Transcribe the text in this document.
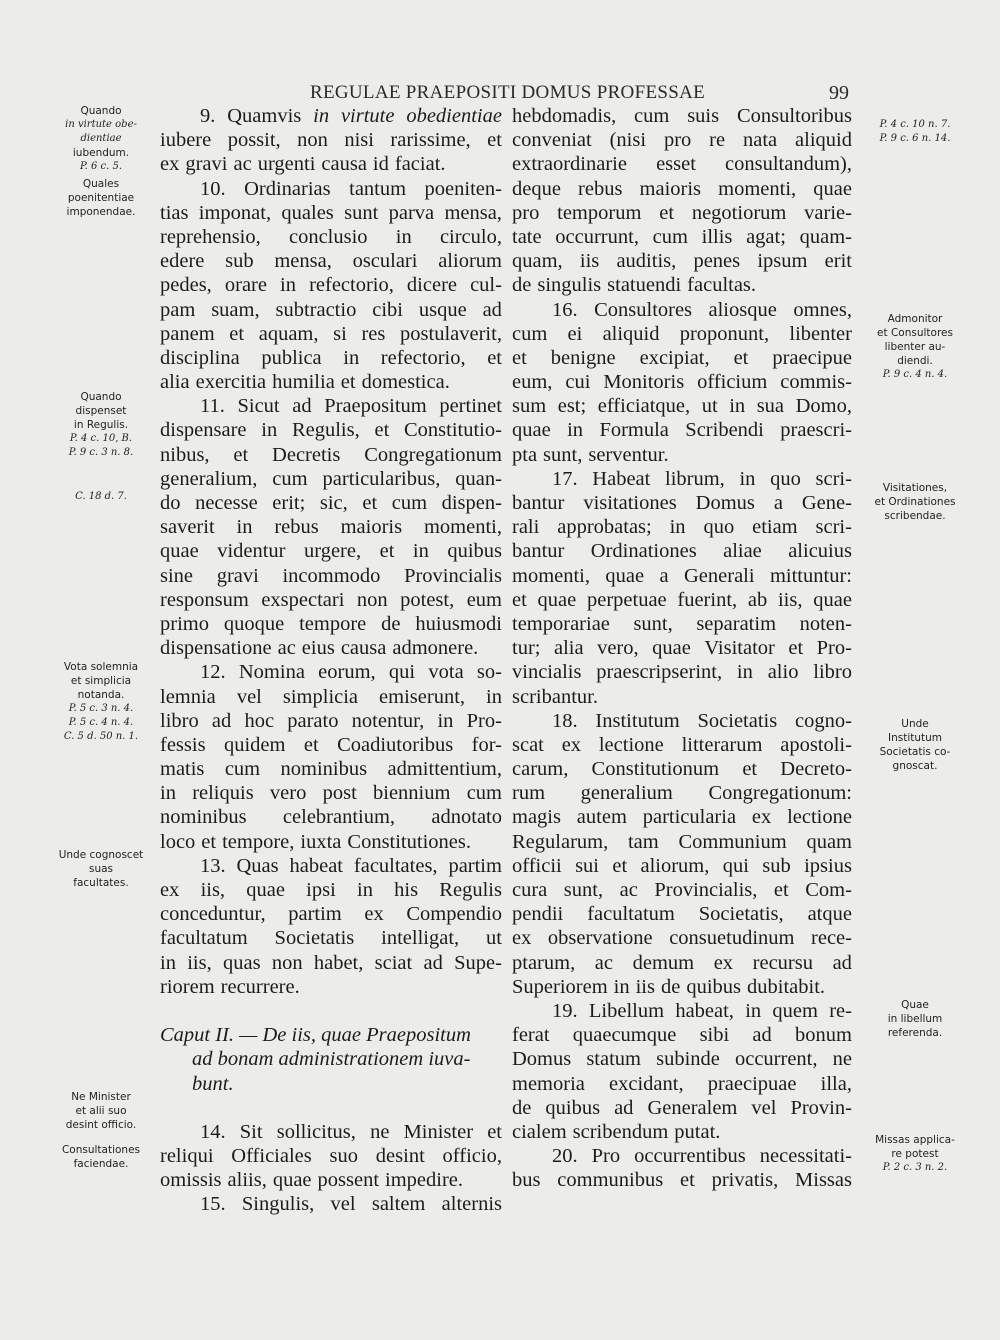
REGULAE PRAEPOSITI DOMUS PROFESSAE	99
9. Quamvis in virtute obedientiae
iubere possit, non nisi rarissime, et
ex gravi ac urgenti causa id faciat.
10. Ordinarias tantum poeniten-
tias imponat, quales sunt parva mensa,
reprehensio, conclusio in circulo,
edere sub mensa, osculari aliorum
pedes, orare in refectorio, dicere cul-
pam suam, subtractio cibi usque ad
panem et aquam, si res postulaverit,
disciplina publica in refectorio, et
alia exercitia humilia et domestica.
11. Sicut ad Praepositum pertinet
dispensare in Regulis, et Constitutio-
nibus, et Decretis Congregationum
generalium, cum particularibus, quan-
do necesse erit; sic, et cum dispen-
saverit in rebus maioris momenti,
quae videntur urgere, et in quibus
sine gravi incommodo Provincialis
responsum exspectari non potest, eum
primo quoque tempore de huiusmodi
dispensatione ac eius causa admonere.
12. Nomina eorum, qui vota so-
lemnia vel simplicia emiserunt, in
libro ad hoc parato notentur, in Pro-
fessis quidem et Coadiutoribus for-
matis cum nominibus admittentium,
in reliquis vero post biennium cum
nominibus celebrantium, adnotato
loco et tempore, iuxta Constitutiones.
13. Quas habeat facultates, partim
ex iis, quae ipsi in his Regulis
conceduntur, partim ex Compendio
facultatum Societatis intelligat, ut
in iis, quas non habet, sciat ad Supe-
riorem recurrere.
Caput II. — De iis, quae Praepositum
ad bonam administrationem iuva-
bunt.
14. Sit sollicitus, ne Minister et
reliqui Officiales suo desint officio,
omissis aliis, quae possent impedire.
15. Singulis, vel saltem alternis
hebdomadis, cum suis Consultoribus
conveniat (nisi pro re nata aliquid
extraordinarie esset consultandum),
deque rebus maioris momenti, quae
pro temporum et negotiorum varie-
tate occurrunt, cum illis agat; quam-
quam, iis auditis, penes ipsum erit
de singulis statuendi facultas.
16. Consultores aliosque omnes,
cum ei aliquid proponunt, libenter
et benigne excipiat, et praecipue
eum, cui Monitoris officium commis-
sum est; efficiatque, ut in sua Domo,
quae in Formula Scribendi praescri-
pta sunt, serventur.
17. Habeat librum, in quo scri-
bantur visitationes Domus a Gene-
rali approbatas; in quo etiam scri-
bantur Ordinationes aliae alicuius
momenti, quae a Generali mittuntur:
et quae perpetuae fuerint, ab iis, quae
temporariae sunt, separatim noten-
tur; alia vero, quae Visitator et Pro-
vincialis praescripserint, in alio libro
scribantur.
18. Institutum Societatis cogno-
scat ex lectione litterarum apostoli-
carum, Constitutionum et Decreto-
rum generalium Congregationum:
magis autem particularia ex lectione
Regularum, tam Communium quam
officii sui et aliorum, qui sub ipsius
cura sunt, ac Provincialis, et Com-
pendii facultatum Societatis, atque
ex observatione consuetudinum rece-
ptarum, ac demum ex recursu ad
Superiorem in iis de quibus dubitabit.
19. Libellum habeat, in quem re-
ferat quaecumque sibi ad bonum
Domus statum subinde occurrent, ne
memoria excidant, praecipuae illa,
de quibus ad Generalem vel Provin-
cialem scribendum putat.
20. Pro occurrentibus necessitati-
bus communibus et privatis, Missas
Quando
in virtute obe-
dientiae
iubendum.
P. 6 c. 5.
Quales
poenitentiae
imponendae.
Quando
dispenset
in Regulis.
P. 4 c. 10, B.
P. 9 c. 3 n. 8.
C. 18 d. 7.
Vota solemnia
et simplicia
notanda.
P. 5 c. 3 n. 4.
P. 5 c. 4 n. 4.
C. 5 d. 50 n. 1.
Unde cognoscet
suas
facultates.
Ne Minister
et alii suo
desint officio.
Consultationes
faciendae.
P. 4 c. 10 n. 7.
P. 9 c. 6 n. 14.
Admonitor
et Consultores
libenter au-
diendi.
P. 9 c. 4 n. 4.
Visitationes,
et Ordinationes
scribendae.
Unde
Institutum
Societatis co-
gnoscat.
Quae
in libellum
referenda.
Missas applica-
re potest
P. 2 c. 3 n. 2.
